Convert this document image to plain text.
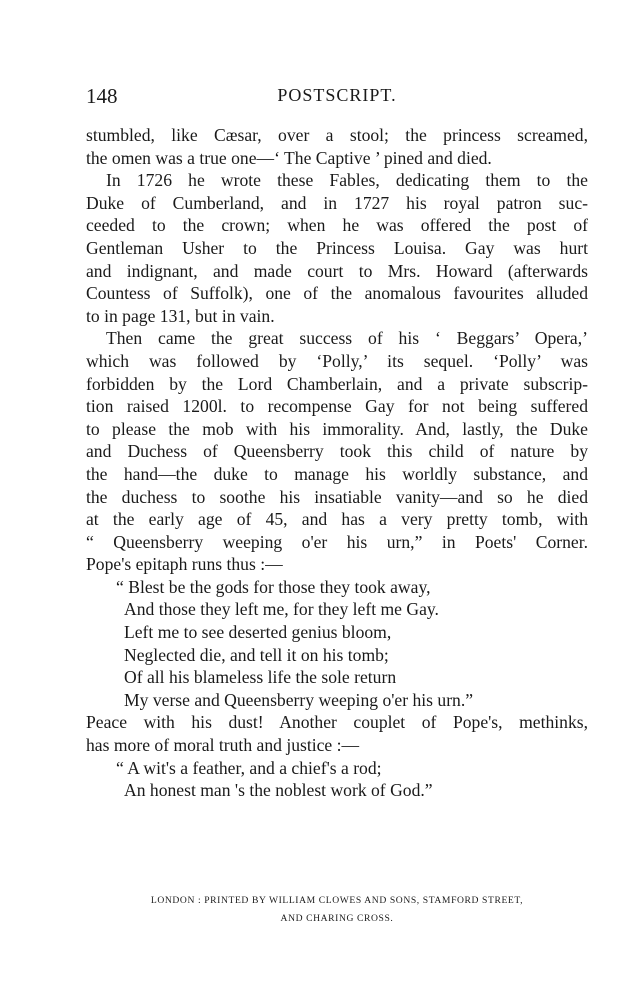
148	POSTSCRIPT.

stumbled, like Cæsar, over a stool; the princess screamed,
the omen was a true one—‘ The Captive ’ pined and died.

In 1726 he wrote these Fables, dedicating them to the
Duke of Cumberland, and in 1727 his royal patron suc-
ceeded to the crown; when he was offered the post of
Gentleman Usher to the Princess Louisa. Gay was hurt
and indignant, and made court to Mrs. Howard (afterwards
Countess of Suffolk), one of the anomalous favourites alluded
to in page 131, but in vain.

Then came the great success of his ‘ Beggars’ Opera,’
which was followed by ‘Polly,’ its sequel. ‘Polly’ was
forbidden by the Lord Chamberlain, and a private subscrip-
tion raised 1200l. to recompense Gay for not being suffered
to please the mob with his immorality. And, lastly, the Duke
and Duchess of Queensberry took this child of nature by
the hand—the duke to manage his worldly substance, and
the duchess to soothe his insatiable vanity—and so he died
at the early age of 45, and has a very pretty tomb, with
“ Queensberry weeping o'er his urn,” in Poets' Corner.
Pope's epitaph runs thus :—

“ Blest be the gods for those they took away,
And those they left me, for they left me Gay.
Left me to see deserted genius bloom,
Neglected die, and tell it on his tomb;
Of all his blameless life the sole return
My verse and Queensberry weeping o'er his urn.”

Peace with his dust! Another couplet of Pope's, methinks,
has more of moral truth and justice :—

“ A wit's a feather, and a chief's a rod;
An honest man 's the noblest work of God.”
LONDON : PRINTED BY WILLIAM CLOWES AND SONS, STAMFORD STREET,
AND CHARING CROSS.
